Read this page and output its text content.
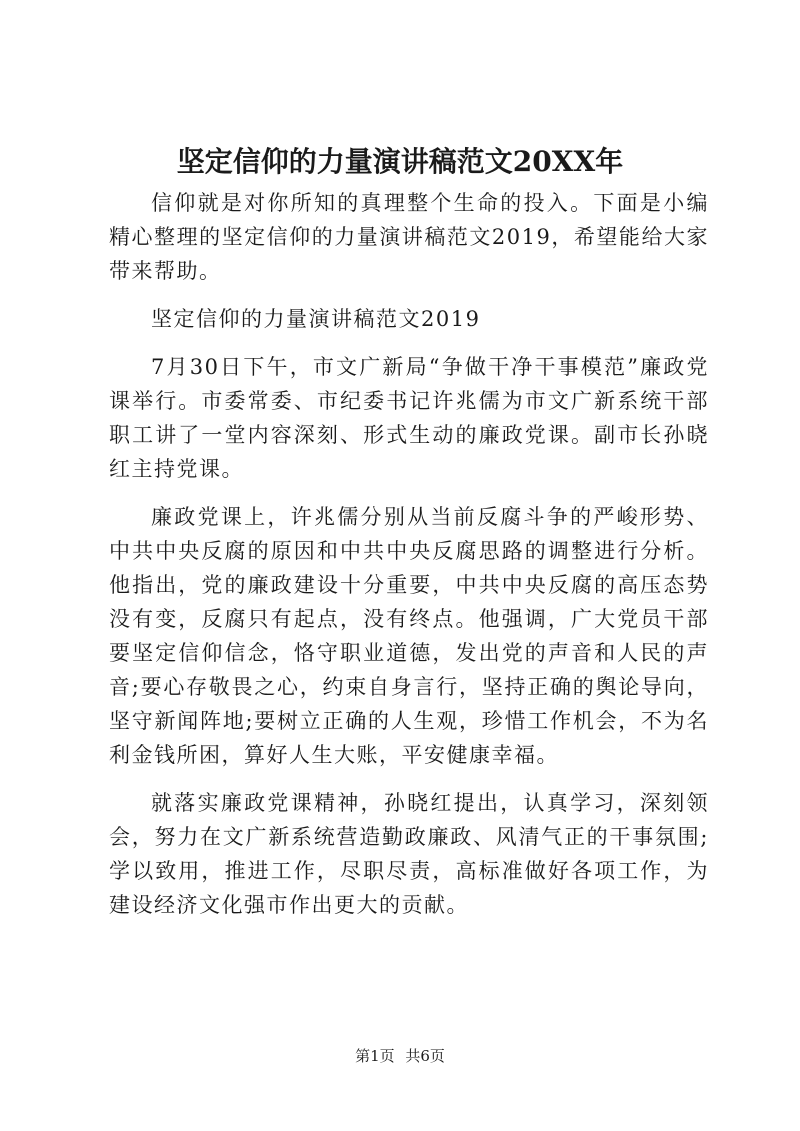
坚定信仰的力量演讲稿范文20XX年

信仰就是对你所知的真理整个生命的投入。下面是小编精心整理的坚定信仰的力量演讲稿范文2019，希望能给大家带来帮助。

坚定信仰的力量演讲稿范文2019

7月30日下午，市文广新局“争做干净干事模范”廉政党课举行。市委常委、市纪委书记许兆儒为市文广新系统干部职工讲了一堂内容深刻、形式生动的廉政党课。副市长孙晓红主持党课。

廉政党课上，许兆儒分别从当前反腐斗争的严峻形势、中共中央反腐的原因和中共中央反腐思路的调整进行分析。他指出，党的廉政建设十分重要，中共中央反腐的高压态势没有变，反腐只有起点，没有终点。他强调，广大党员干部要坚定信仰信念，恪守职业道德，发出党的声音和人民的声音;要心存敬畏之心，约束自身言行，坚持正确的舆论导向，坚守新闻阵地;要树立正确的人生观，珍惜工作机会，不为名利金钱所困，算好人生大账，平安健康幸福。

就落实廉政党课精神，孙晓红提出，认真学习，深刻领会，努力在文广新系统营造勤政廉政、风清气正的干事氛围;学以致用，推进工作，尽职尽责，高标准做好各项工作，为建设经济文化强市作出更大的贡献。

第1页 共6页
